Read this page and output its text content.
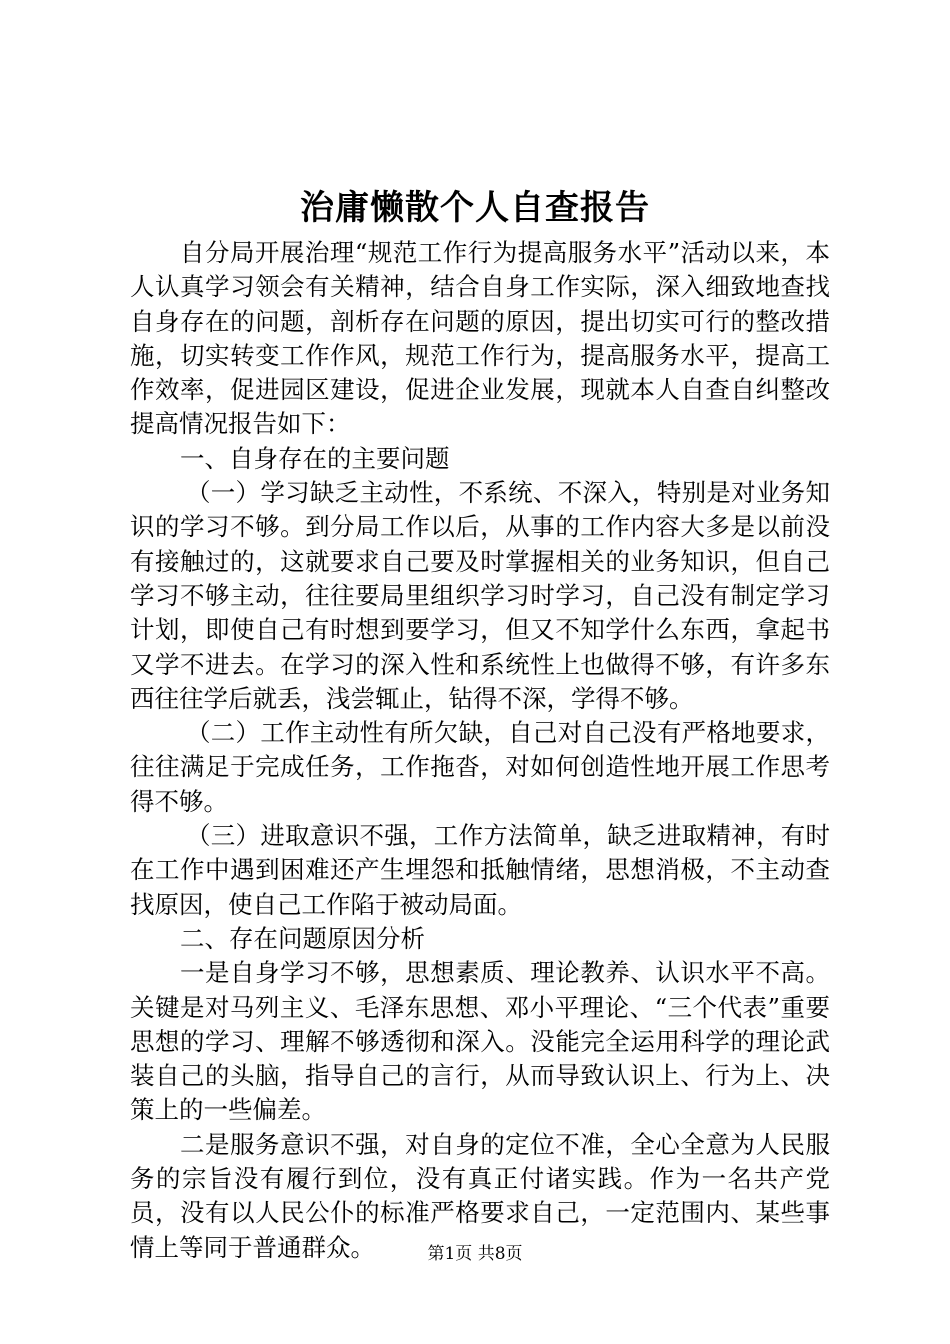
治庸懒散个人自查报告

自分局开展治理“规范工作行为提高服务水平”活动以来，本人认真学习领会有关精神，结合自身工作实际，深入细致地查找自身存在的问题，剖析存在问题的原因，提出切实可行的整改措施，切实转变工作作风，规范工作行为，提高服务水平，提高工作效率，促进园区建设，促进企业发展，现就本人自查自纠整改提高情况报告如下：

一、自身存在的主要问题

（一）学习缺乏主动性，不系统、不深入，特别是对业务知识的学习不够。到分局工作以后，从事的工作内容大多是以前没有接触过的，这就要求自己要及时掌握相关的业务知识，但自己学习不够主动，往往要局里组织学习时学习，自己没有制定学习计划，即使自己有时想到要学习，但又不知学什么东西，拿起书又学不进去。在学习的深入性和系统性上也做得不够，有许多东西往往学后就丢，浅尝辄止，钻得不深，学得不够。

（二）工作主动性有所欠缺，自己对自己没有严格地要求，往往满足于完成任务，工作拖沓，对如何创造性地开展工作思考得不够。

（三）进取意识不强，工作方法简单，缺乏进取精神，有时在工作中遇到困难还产生埋怨和抵触情绪，思想消极，不主动查找原因，使自己工作陷于被动局面。

二、存在问题原因分析

一是自身学习不够，思想素质、理论教养、认识水平不高。关键是对马列主义、毛泽东思想、邓小平理论、“三个代表”重要思想的学习、理解不够透彻和深入。没能完全运用科学的理论武装自己的头脑，指导自己的言行，从而导致认识上、行为上、决策上的一些偏差。

二是服务意识不强，对自身的定位不准，全心全意为人民服务的宗旨没有履行到位，没有真正付诸实践。作为一名共产党员，没有以人民公仆的标准严格要求自己，一定范围内、某些事情上等同于普通群众。	第1页 共8页
